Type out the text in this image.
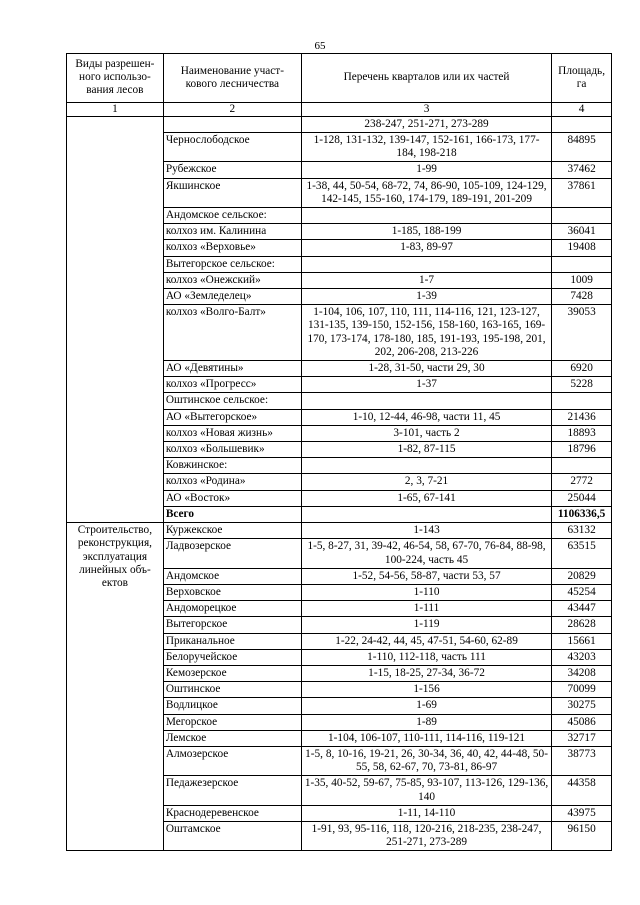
65
Виды разрешен-ного использо-вания лесов	Наименование участ-кового лесничества	Перечень кварталов или их частей	Площадь, га
1	2	3	4
		238-247, 251-271, 273-289	
	Чернослободское	1-128, 131-132, 139-147, 152-161, 166-173, 177-184, 198-218	84895
	Рубежское	1-99	37462
	Якшинское	1-38, 44, 50-54, 68-72, 74, 86-90, 105-109, 124-129, 142-145, 155-160, 174-179, 189-191, 201-209	37861
	Андомское сельское:		
	колхоз им. Калинина	1-185, 188-199	36041
	колхоз «Верховье»	1-83, 89-97	19408
	Вытегорское сельское:		
	колхоз «Онежский»	1-7	1009
	АО «Земледелец»	1-39	7428
	колхоз «Волго-Балт»	1-104, 106, 107, 110, 111, 114-116, 121, 123-127, 131-135, 139-150, 152-156, 158-160, 163-165, 169-170, 173-174, 178-180, 185, 191-193, 195-198, 201, 202, 206-208, 213-226	39053
	АО «Девятины»	1-28, 31-50, части 29, 30	6920
	колхоз «Прогресс»	1-37	5228
	Оштинское сельское:		
	АО «Вытегорское»	1-10, 12-44, 46-98, части 11, 45	21436
	колхоз «Новая жизнь»	3-101, часть 2	18893
	колхоз «Большевик»	1-82, 87-115	18796
	Ковжинское:		
	колхоз «Родина»	2, 3, 7-21	2772
	АО «Восток»	1-65, 67-141	25044
	Всего		1106336,5
Строительство, реконструкция, эксплуатация линейных объ-ектов	Куржекское	1-143	63132
	Ладвозерское	1-5, 8-27, 31, 39-42, 46-54, 58, 67-70, 76-84, 88-98, 100-224, часть 45	63515
	Андомское	1-52, 54-56, 58-87, части 53, 57	20829
	Верховское	1-110	45254
	Андоморецкое	1-111	43447
	Вытегорское	1-119	28628
	Приканальное	1-22, 24-42, 44, 45, 47-51, 54-60, 62-89	15661
	Белоручейское	1-110, 112-118, часть 111	43203
	Кемозерское	1-15, 18-25, 27-34, 36-72	34208
	Оштинское	1-156	70099
	Водлицкое	1-69	30275
	Мегорское	1-89	45086
	Лемское	1-104, 106-107, 110-111, 114-116, 119-121	32717
	Алмозерское	1-5, 8, 10-16, 19-21, 26, 30-34, 36, 40, 42, 44-48, 50-55, 58, 62-67, 70, 73-81, 86-97	38773
	Педажезерское	1-35, 40-52, 59-67, 75-85, 93-107, 113-126, 129-136, 140	44358
	Краснодеревенское	1-11, 14-110	43975
	Оштамское	1-91, 93, 95-116, 118, 120-216, 218-235, 238-247, 251-271, 273-289	96150
